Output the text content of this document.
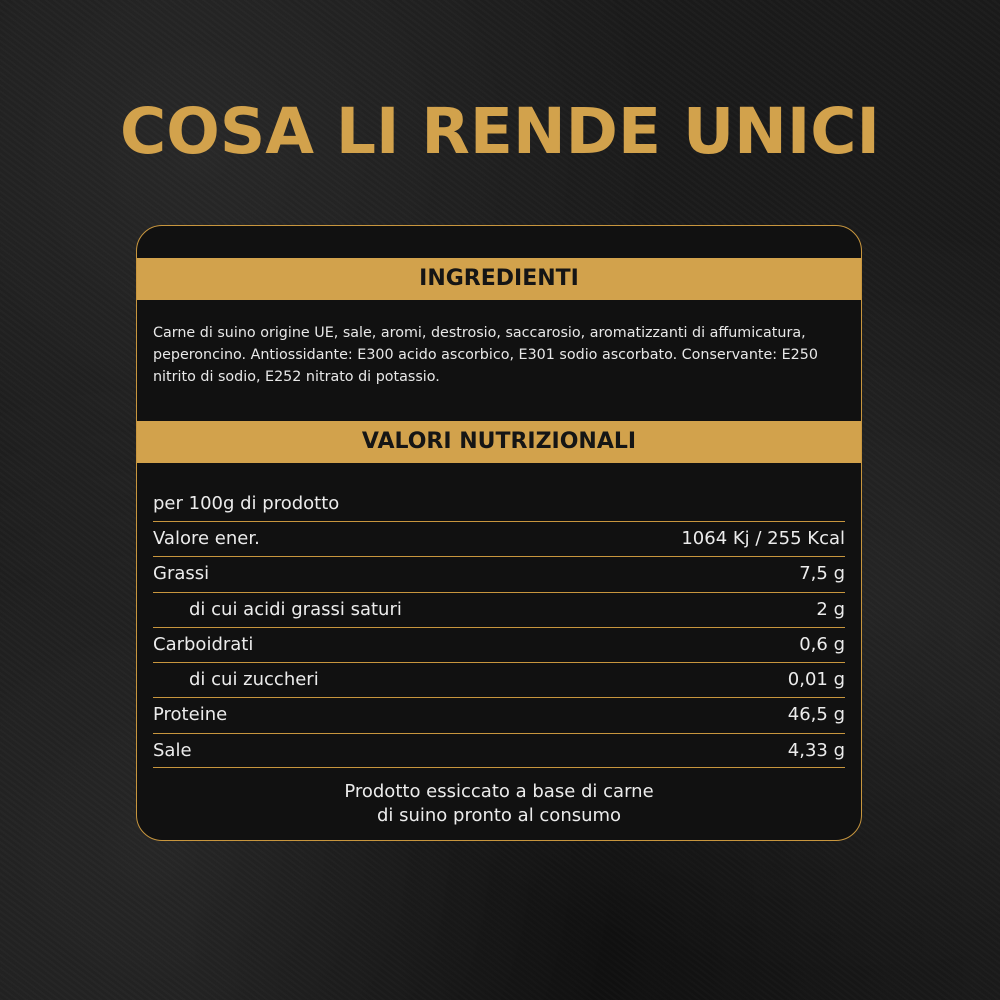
COSA LI RENDE UNICI
INGREDIENTI
Carne di suino origine UE, sale, aromi, destrosio, saccarosio, aromatizzanti di affumicatura, peperoncino. Antiossidante: E300 acido ascorbico, E301 sodio ascorbato. Conservante: E250 nitrito di sodio, E252 nitrato di potassio.
VALORI NUTRIZIONALI
per 100g di prodotto
Valore ener.	1064 Kj / 255 Kcal
Grassi	7,5 g
di cui acidi grassi saturi	2 g
Carboidrati	0,6 g
di cui zuccheri	0,01 g
Proteine	46,5 g
Sale	4,33 g
Prodotto essiccato a base di carne
di suino pronto al consumo
